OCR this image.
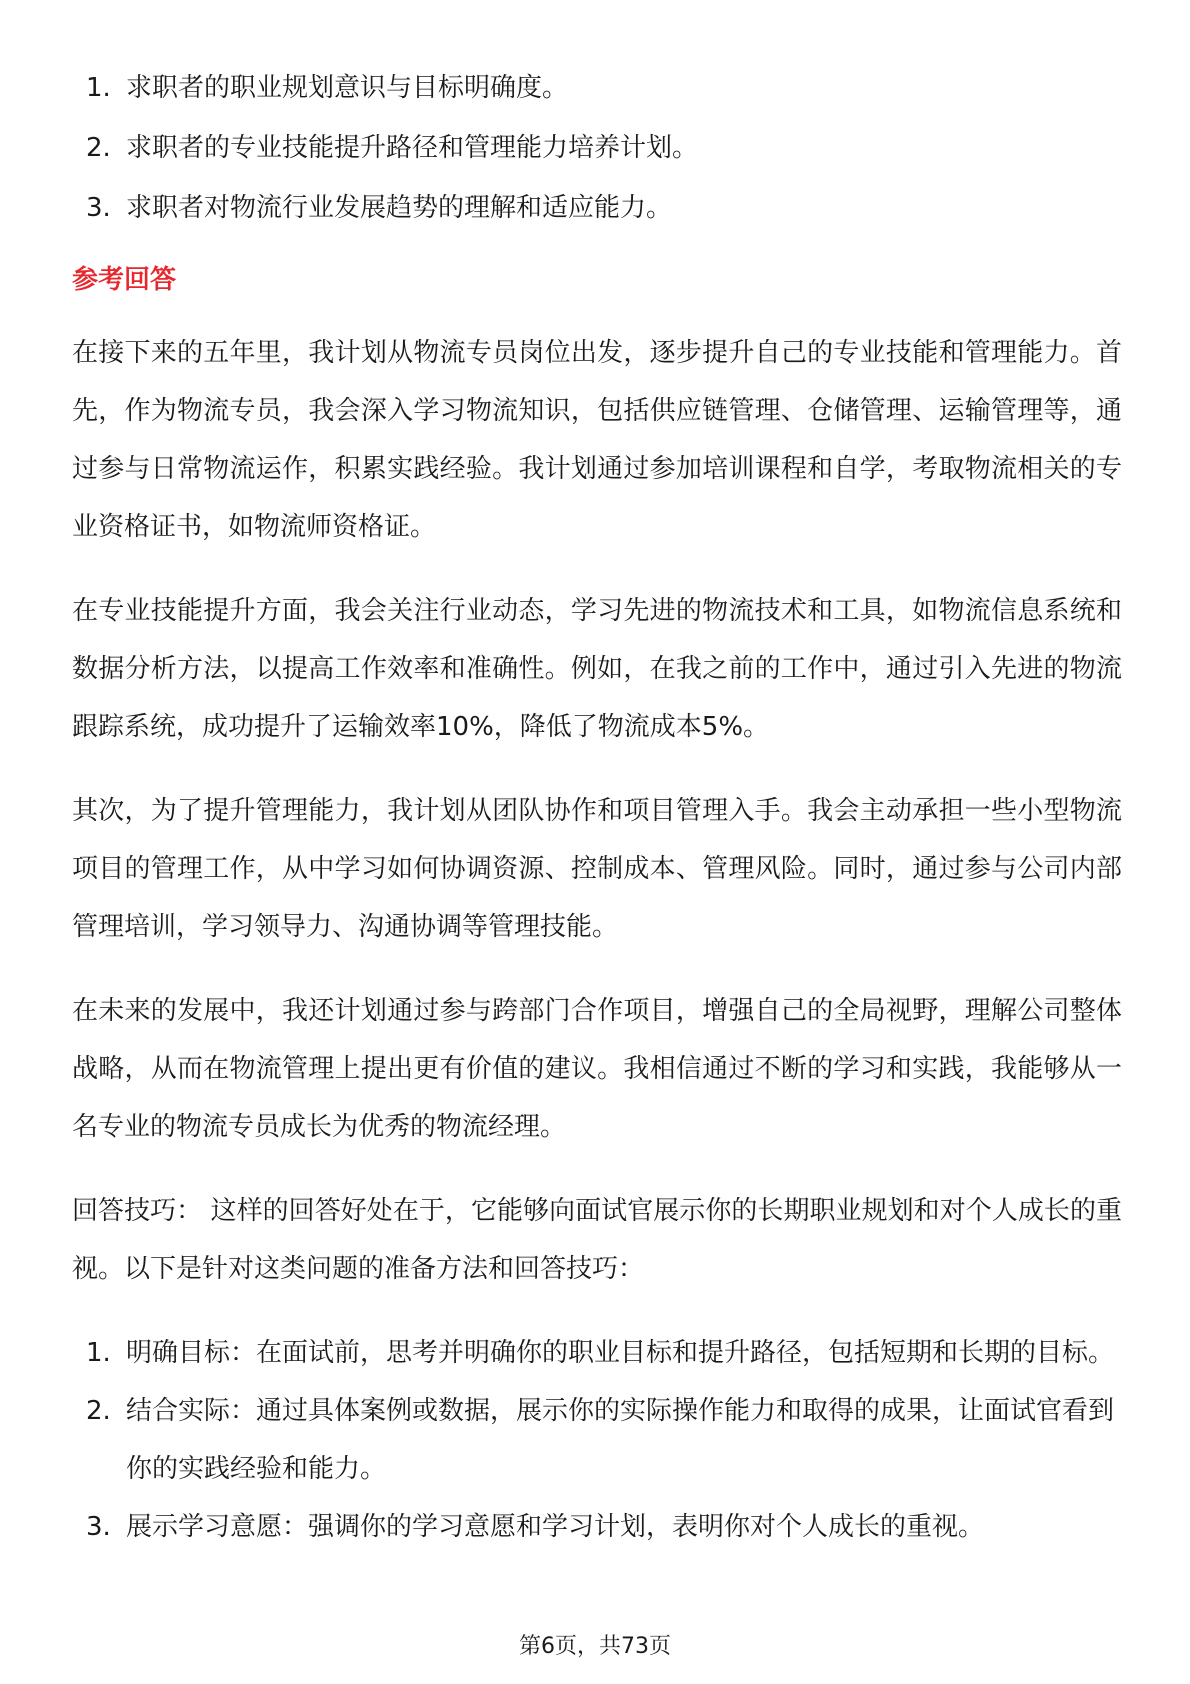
1. 求职者的职业规划意识与目标明确度。
2. 求职者的专业技能提升路径和管理能力培养计划。
3. 求职者对物流行业发展趋势的理解和适应能力。
参考回答

在接下来的五年里，我计划从物流专员岗位出发，逐步提升自己的专业技能和管理能力。首先，作为物流专员，我会深入学习物流知识，包括供应链管理、仓储管理、运输管理等，通过参与日常物流运作，积累实践经验。我计划通过参加培训课程和自学，考取物流相关的专业资格证书，如物流师资格证。

在专业技能提升方面，我会关注行业动态，学习先进的物流技术和工具，如物流信息系统和数据分析方法，以提高工作效率和准确性。例如，在我之前的工作中，通过引入先进的物流跟踪系统，成功提升了运输效率10%，降低了物流成本5%。

其次，为了提升管理能力，我计划从团队协作和项目管理入手。我会主动承担一些小型物流项目的管理工作，从中学习如何协调资源、控制成本、管理风险。同时，通过参与公司内部管理培训，学习领导力、沟通协调等管理技能。

在未来的发展中，我还计划通过参与跨部门合作项目，增强自己的全局视野，理解公司整体战略，从而在物流管理上提出更有价值的建议。我相信通过不断的学习和实践，我能够从一名专业的物流专员成长为优秀的物流经理。

回答技巧： 这样的回答好处在于，它能够向面试官展示你的长期职业规划和对个人成长的重视。以下是针对这类问题的准备方法和回答技巧：

1. 明确目标：在面试前，思考并明确你的职业目标和提升路径，包括短期和长期的目标。
2. 结合实际：通过具体案例或数据，展示你的实际操作能力和取得的成果，让面试官看到你的实践经验和能力。
3. 展示学习意愿：强调你的学习意愿和学习计划，表明你对个人成长的重视。
第6页，共73页
